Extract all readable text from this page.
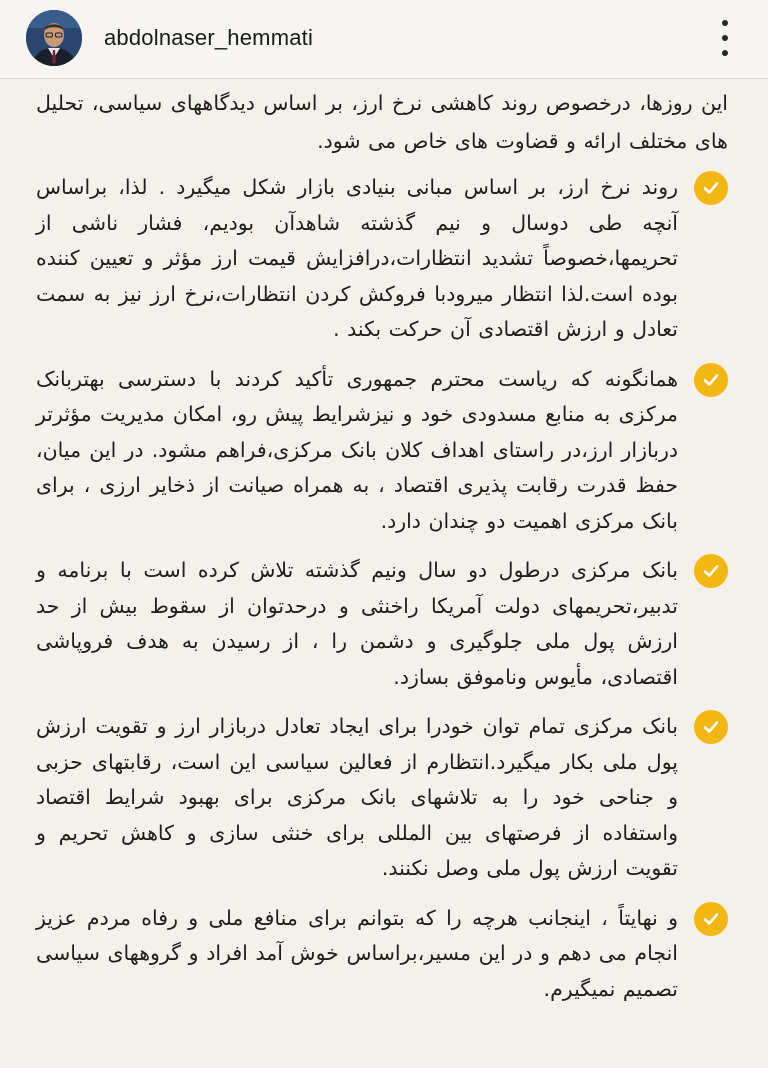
abdolnaser_hemmati

این روزها، درخصوص روند کاهشی نرخ ارز، بر اساس دیدگاههای سیاسی، تحلیل های مختلف ارائه و قضاوت های خاص می شود.

روند نرخ ارز، بر اساس مبانی بنیادی بازار شکل میگیرد . لذا، براساس آنچه طی دوسال و نیم گذشته شاهدآن بودیم، فشار ناشی از تحریمها،خصوصاً تشدید انتظارات،درافزایش قیمت ارز مؤثر و تعیین کننده بوده است.لذا انتظار میرودبا فروکش کردن انتظارات،نرخ ارز نیز به سمت تعادل و ارزش اقتصادی آن حرکت بکند .

همانگونه که ریاست محترم جمهوری تأکید کردند با دسترسی بهتربانک مرکزی به منابع مسدودی خود و نیزشرایط پیش رو، امکان مدیریت مؤثرتر دربازار ارز،در راستای اهداف کلان بانک مرکزی،فراهم مشود. در این میان، حفظ قدرت رقابت پذیری اقتصاد ، به همراه صیانت از ذخایر ارزی ، برای بانک مرکزی اهمیت دو چندان دارد.

بانک مرکزی درطول دو سال ونیم گذشته تلاش کرده است با برنامه و تدبیر،تحریمهای دولت آمریکا راخنثی و درحدتوان از سقوط بیش از حد ارزش پول ملی جلوگیری و دشمن را ، از رسیدن به هدف فروپاشی اقتصادی، مأیوس وناموفق بسازد.

بانک مرکزی تمام توان خودرا برای ایجاد تعادل دربازار ارز و تقویت ارزش پول ملی بکار میگیرد.انتظارم از فعالین سیاسی این است، رقابتهای حزبی و جناحی خود را به تلاشهای بانک مرکزی برای بهبود شرایط اقتصاد واستفاده از فرصتهای بین المللی برای خنثی سازی و کاهش تحریم و تقویت ارزش پول ملی وصل نکنند.

و نهایتاً ، اینجانب هرچه را که بتوانم برای منافع ملی و رفاه مردم عزیز انجام می دهم و در این مسیر،براساس خوش آمد افراد و گروههای سیاسی تصمیم نمیگیرم.
